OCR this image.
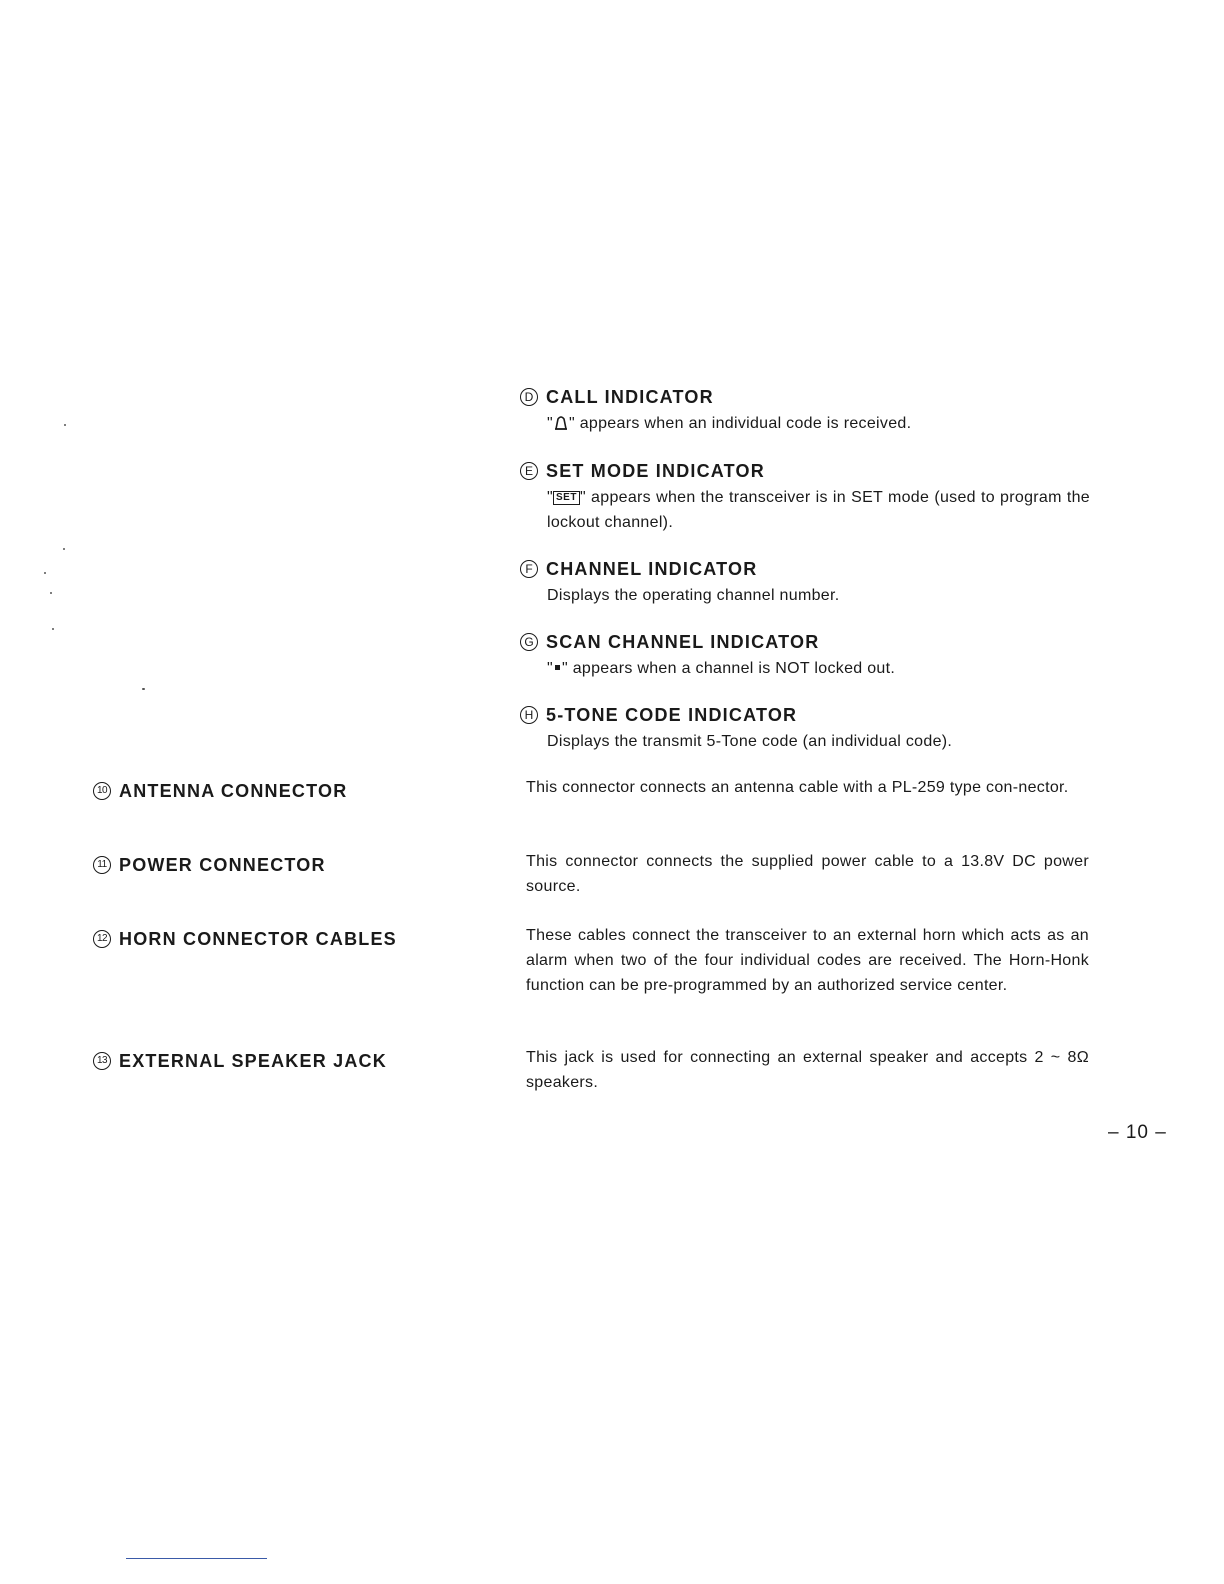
D CALL INDICATOR
" " appears when an individual code is received.
E SET MODE INDICATOR
" SET " appears when the transceiver is in SET mode (used to program the lockout channel).
F CHANNEL INDICATOR
Displays the operating channel number.
G SCAN CHANNEL INDICATOR
" " appears when a channel is NOT locked out.
H 5-TONE CODE INDICATOR
Displays the transmit 5-Tone code (an individual code).
10 ANTENNA CONNECTOR	This connector connects an antenna cable with a PL-259 type con-nector.
11 POWER CONNECTOR	This connector connects the supplied power cable to a 13.8V DC power source.
12 HORN CONNECTOR CABLES	These cables connect the transceiver to an external horn which acts as an alarm when two of the four individual codes are received. The Horn-Honk function can be pre-programmed by an authorized service center.
13 EXTERNAL SPEAKER JACK	This jack is used for connecting an external speaker and accepts 2 ~ 8Ω speakers.
– 10 –
